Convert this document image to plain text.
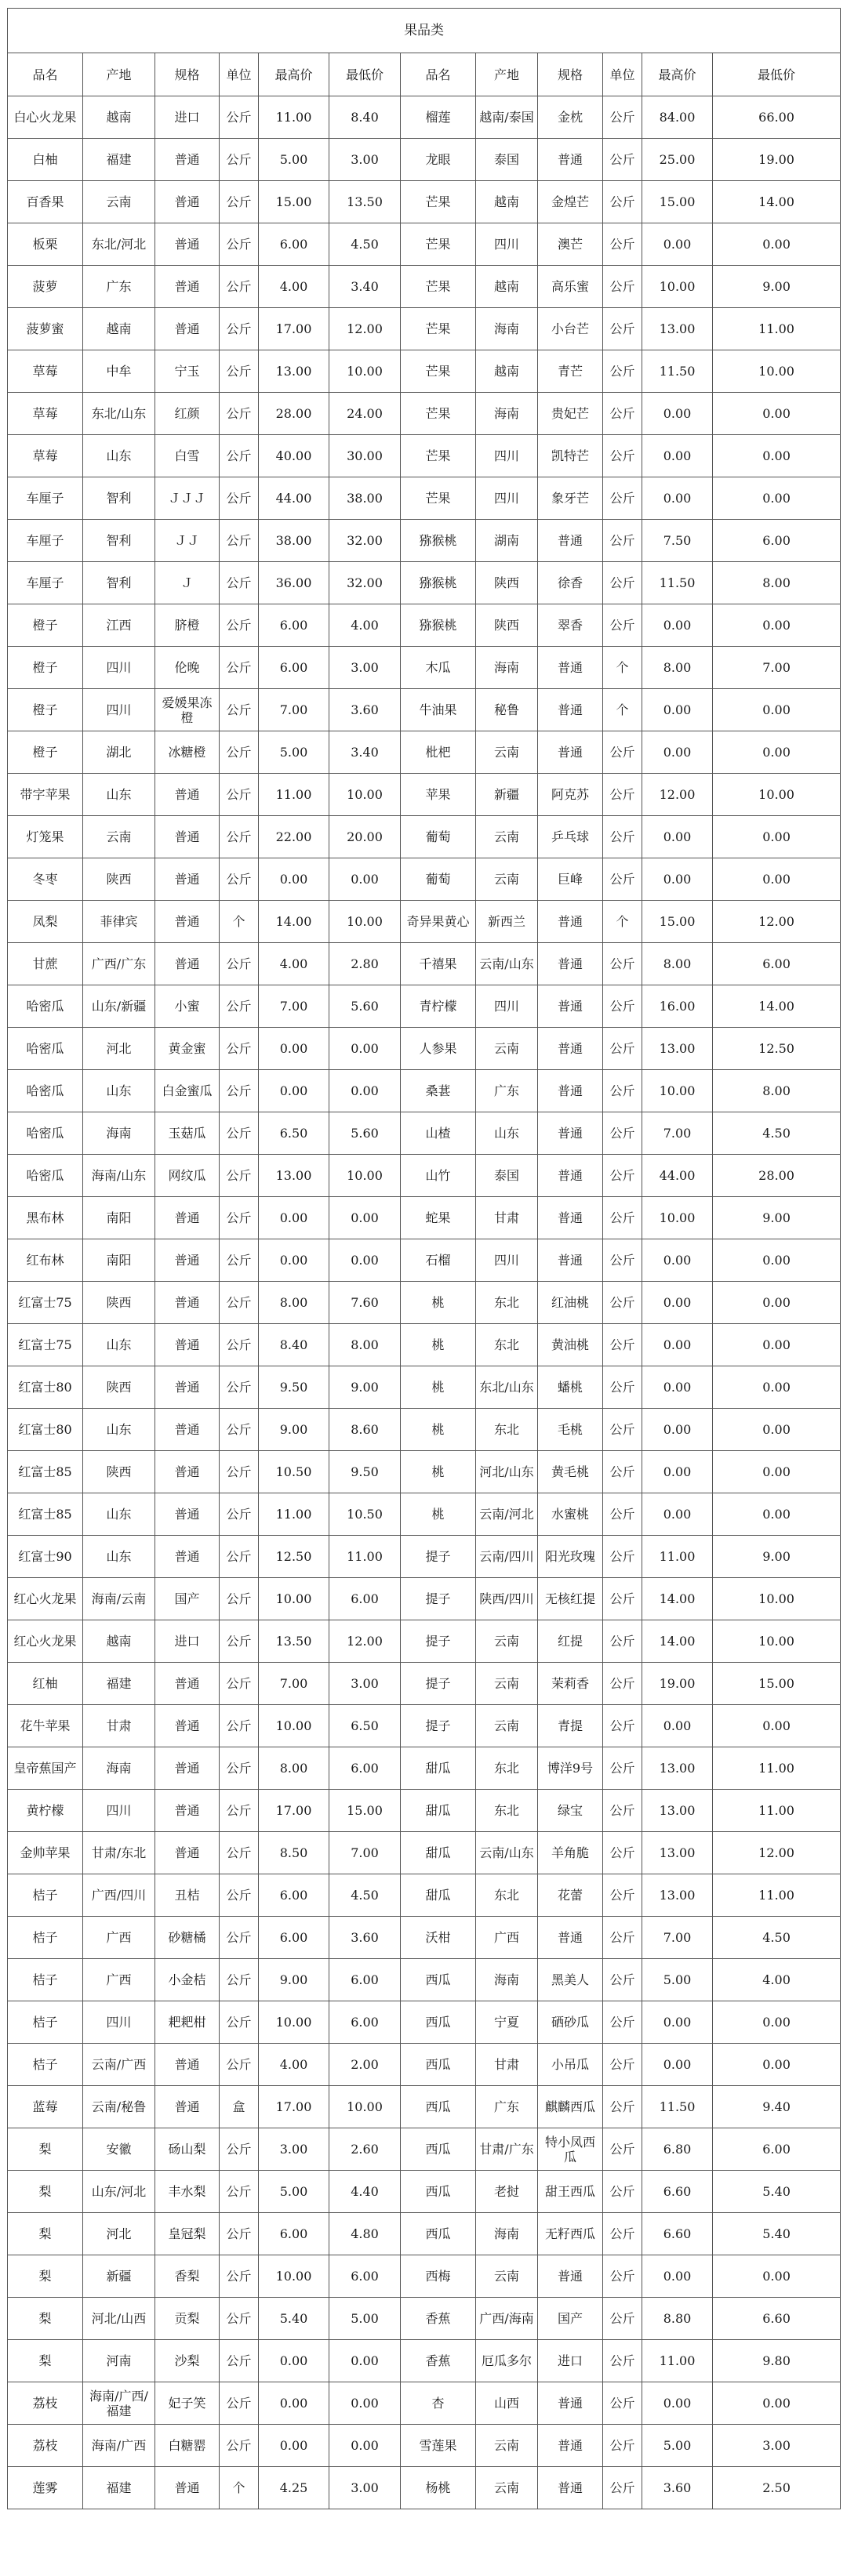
果品类											
品名	产地	规格	单位	最高价	最低价	品名	产地	规格	单位	最高价	最低价
白心火龙果	越南	进口	公斤	11.00	8.40	榴莲	越南/泰国	金枕	公斤	84.00	66.00
白柚	福建	普通	公斤	5.00	3.00	龙眼	泰国	普通	公斤	25.00	19.00
百香果	云南	普通	公斤	15.00	13.50	芒果	越南	金煌芒	公斤	15.00	14.00
板栗	东北/河北	普通	公斤	6.00	4.50	芒果	四川	澳芒	公斤	0.00	0.00
菠萝	广东	普通	公斤	4.00	3.40	芒果	越南	高乐蜜	公斤	10.00	9.00
菠萝蜜	越南	普通	公斤	17.00	12.00	芒果	海南	小台芒	公斤	13.00	11.00
草莓	中牟	宁玉	公斤	13.00	10.00	芒果	越南	青芒	公斤	11.50	10.00
草莓	东北/山东	红颜	公斤	28.00	24.00	芒果	海南	贵妃芒	公斤	0.00	0.00
草莓	山东	白雪	公斤	40.00	30.00	芒果	四川	凯特芒	公斤	0.00	0.00
车厘子	智利	ＪＪＪ	公斤	44.00	38.00	芒果	四川	象牙芒	公斤	0.00	0.00
车厘子	智利	ＪＪ	公斤	38.00	32.00	猕猴桃	湖南	普通	公斤	7.50	6.00
车厘子	智利	Ｊ	公斤	36.00	32.00	猕猴桃	陕西	徐香	公斤	11.50	8.00
橙子	江西	脐橙	公斤	6.00	4.00	猕猴桃	陕西	翠香	公斤	0.00	0.00
橙子	四川	伦晚	公斤	6.00	3.00	木瓜	海南	普通	个	8.00	7.00
橙子	四川	爱媛果冻橙	公斤	7.00	3.60	牛油果	秘鲁	普通	个	0.00	0.00
橙子	湖北	冰糖橙	公斤	5.00	3.40	枇杷	云南	普通	公斤	0.00	0.00
带字苹果	山东	普通	公斤	11.00	10.00	苹果	新疆	阿克苏	公斤	12.00	10.00
灯笼果	云南	普通	公斤	22.00	20.00	葡萄	云南	乒乓球	公斤	0.00	0.00
冬枣	陕西	普通	公斤	0.00	0.00	葡萄	云南	巨峰	公斤	0.00	0.00
凤梨	菲律宾	普通	个	14.00	10.00	奇异果黄心	新西兰	普通	个	15.00	12.00
甘蔗	广西/广东	普通	公斤	4.00	2.80	千禧果	云南/山东	普通	公斤	8.00	6.00
哈密瓜	山东/新疆	小蜜	公斤	7.00	5.60	青柠檬	四川	普通	公斤	16.00	14.00
哈密瓜	河北	黄金蜜	公斤	0.00	0.00	人参果	云南	普通	公斤	13.00	12.50
哈密瓜	山东	白金蜜瓜	公斤	0.00	0.00	桑葚	广东	普通	公斤	10.00	8.00
哈密瓜	海南	玉菇瓜	公斤	6.50	5.60	山楂	山东	普通	公斤	7.00	4.50
哈密瓜	海南/山东	网纹瓜	公斤	13.00	10.00	山竹	泰国	普通	公斤	44.00	28.00
黑布林	南阳	普通	公斤	0.00	0.00	蛇果	甘肃	普通	公斤	10.00	9.00
红布林	南阳	普通	公斤	0.00	0.00	石榴	四川	普通	公斤	0.00	0.00
红富士75	陕西	普通	公斤	8.00	7.60	桃	东北	红油桃	公斤	0.00	0.00
红富士75	山东	普通	公斤	8.40	8.00	桃	东北	黄油桃	公斤	0.00	0.00
红富士80	陕西	普通	公斤	9.50	9.00	桃	东北/山东	蟠桃	公斤	0.00	0.00
红富士80	山东	普通	公斤	9.00	8.60	桃	东北	毛桃	公斤	0.00	0.00
红富士85	陕西	普通	公斤	10.50	9.50	桃	河北/山东	黄毛桃	公斤	0.00	0.00
红富士85	山东	普通	公斤	11.00	10.50	桃	云南/河北	水蜜桃	公斤	0.00	0.00
红富士90	山东	普通	公斤	12.50	11.00	提子	云南/四川	阳光玫瑰	公斤	11.00	9.00
红心火龙果	海南/云南	国产	公斤	10.00	6.00	提子	陕西/四川	无核红提	公斤	14.00	10.00
红心火龙果	越南	进口	公斤	13.50	12.00	提子	云南	红提	公斤	14.00	10.00
红柚	福建	普通	公斤	7.00	3.00	提子	云南	茉莉香	公斤	19.00	15.00
花牛苹果	甘肃	普通	公斤	10.00	6.50	提子	云南	青提	公斤	0.00	0.00
皇帝蕉国产	海南	普通	公斤	8.00	6.00	甜瓜	东北	博洋9号	公斤	13.00	11.00
黄柠檬	四川	普通	公斤	17.00	15.00	甜瓜	东北	绿宝	公斤	13.00	11.00
金帅苹果	甘肃/东北	普通	公斤	8.50	7.00	甜瓜	云南/山东	羊角脆	公斤	13.00	12.00
桔子	广西/四川	丑桔	公斤	6.00	4.50	甜瓜	东北	花蕾	公斤	13.00	11.00
桔子	广西	砂糖橘	公斤	6.00	3.60	沃柑	广西	普通	公斤	7.00	4.50
桔子	广西	小金桔	公斤	9.00	6.00	西瓜	海南	黑美人	公斤	5.00	4.00
桔子	四川	耙耙柑	公斤	10.00	6.00	西瓜	宁夏	硒砂瓜	公斤	0.00	0.00
桔子	云南/广西	普通	公斤	4.00	2.00	西瓜	甘肃	小吊瓜	公斤	0.00	0.00
蓝莓	云南/秘鲁	普通	盒	17.00	10.00	西瓜	广东	麒麟西瓜	公斤	11.50	9.40
梨	安徽	砀山梨	公斤	3.00	2.60	西瓜	甘肃/广东	特小凤西瓜	公斤	6.80	6.00
梨	山东/河北	丰水梨	公斤	5.00	4.40	西瓜	老挝	甜王西瓜	公斤	6.60	5.40
梨	河北	皇冠梨	公斤	6.00	4.80	西瓜	海南	无籽西瓜	公斤	6.60	5.40
梨	新疆	香梨	公斤	10.00	6.00	西梅	云南	普通	公斤	0.00	0.00
梨	河北/山西	贡梨	公斤	5.40	5.00	香蕉	广西/海南	国产	公斤	8.80	6.60
梨	河南	沙梨	公斤	0.00	0.00	香蕉	厄瓜多尔	进口	公斤	11.00	9.80
荔枝	海南/广西/福建	妃子笑	公斤	0.00	0.00	杏	山西	普通	公斤	0.00	0.00
荔枝	海南/广西	白糖罂	公斤	0.00	0.00	雪莲果	云南	普通	公斤	5.00	3.00
莲雾	福建	普通	个	4.25	3.00	杨桃	云南	普通	公斤	3.60	2.50
